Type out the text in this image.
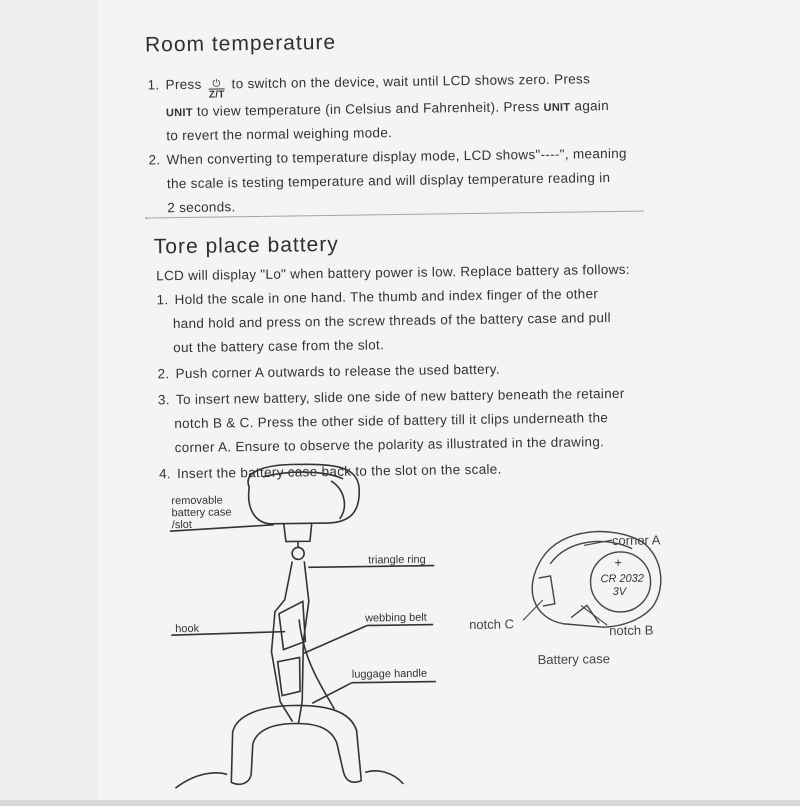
Room temperature
1. Press ⏻
Z/T to switch on the device, wait until LCD shows zero. Press
UNIT to view temperature (in Celsius and Fahrenheit). Press UNIT again
to revert the normal weighing mode.
2. When converting to temperature display mode, LCD shows"----", meaning
the scale is testing temperature and will display temperature reading in
2 seconds.
Tore place battery
LCD will display "Lo" when battery power is low. Replace battery as follows:
1. Hold the scale in one hand. The thumb and index finger of the other
hand hold and press on the screw threads of the battery case and pull
out the battery case from the slot.
2. Push corner A outwards to release the used battery.
3. To insert new battery, slide one side of new battery beneath the retainer
notch B & C. Press the other side of battery till it clips underneath the
corner A. Ensure to observe the polarity as illustrated in the drawing.
4. Insert the battery case back to the slot on the scale.
removable
battery case
/slot
triangle ring
hook
webbing belt
luggage handle
corner A
notch C	notch B
Battery case
+
CR 2032
3V
